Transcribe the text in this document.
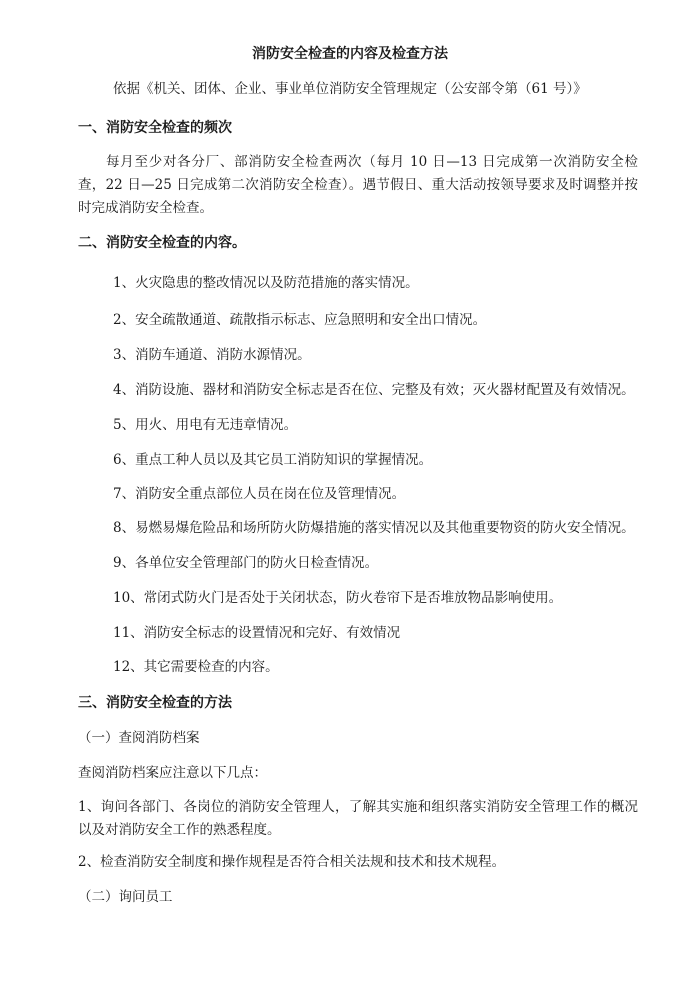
消防安全检查的内容及检查方法
依据《机关、团体、企业、事业单位消防安全管理规定（公安部令第（61 号）》
一、消防安全检查的频次
每月至少对各分厂、部消防安全检查两次（每月 10 日—13 日完成第一次消防安全检查，22 日—25 日完成第二次消防安全检查）。遇节假日、重大活动按领导要求及时调整并按时完成消防安全检查。
二、消防安全检查的内容。
1、火灾隐患的整改情况以及防范措施的落实情况。
2、安全疏散通道、疏散指示标志、应急照明和安全出口情况。
3、消防车通道、消防水源情况。
4、消防设施、器材和消防安全标志是否在位、完整及有效；灭火器材配置及有效情况。
5、用火、用电有无违章情况。
6、重点工种人员以及其它员工消防知识的掌握情况。
7、消防安全重点部位人员在岗在位及管理情况。
8、易燃易爆危险品和场所防火防爆措施的落实情况以及其他重要物资的防火安全情况。
9、各单位安全管理部门的防火日检查情况。
10、常闭式防火门是否处于关闭状态，防火卷帘下是否堆放物品影响使用。
11、消防安全标志的设置情况和完好、有效情况
12、其它需要检查的内容。
三、消防安全检查的方法
（一）查阅消防档案
查阅消防档案应注意以下几点：
1、询问各部门、各岗位的消防安全管理人，了解其实施和组织落实消防安全管理工作的概况以及对消防安全工作的熟悉程度。
2、检查消防安全制度和操作规程是否符合相关法规和技术和技术规程。
（二）询问员工
